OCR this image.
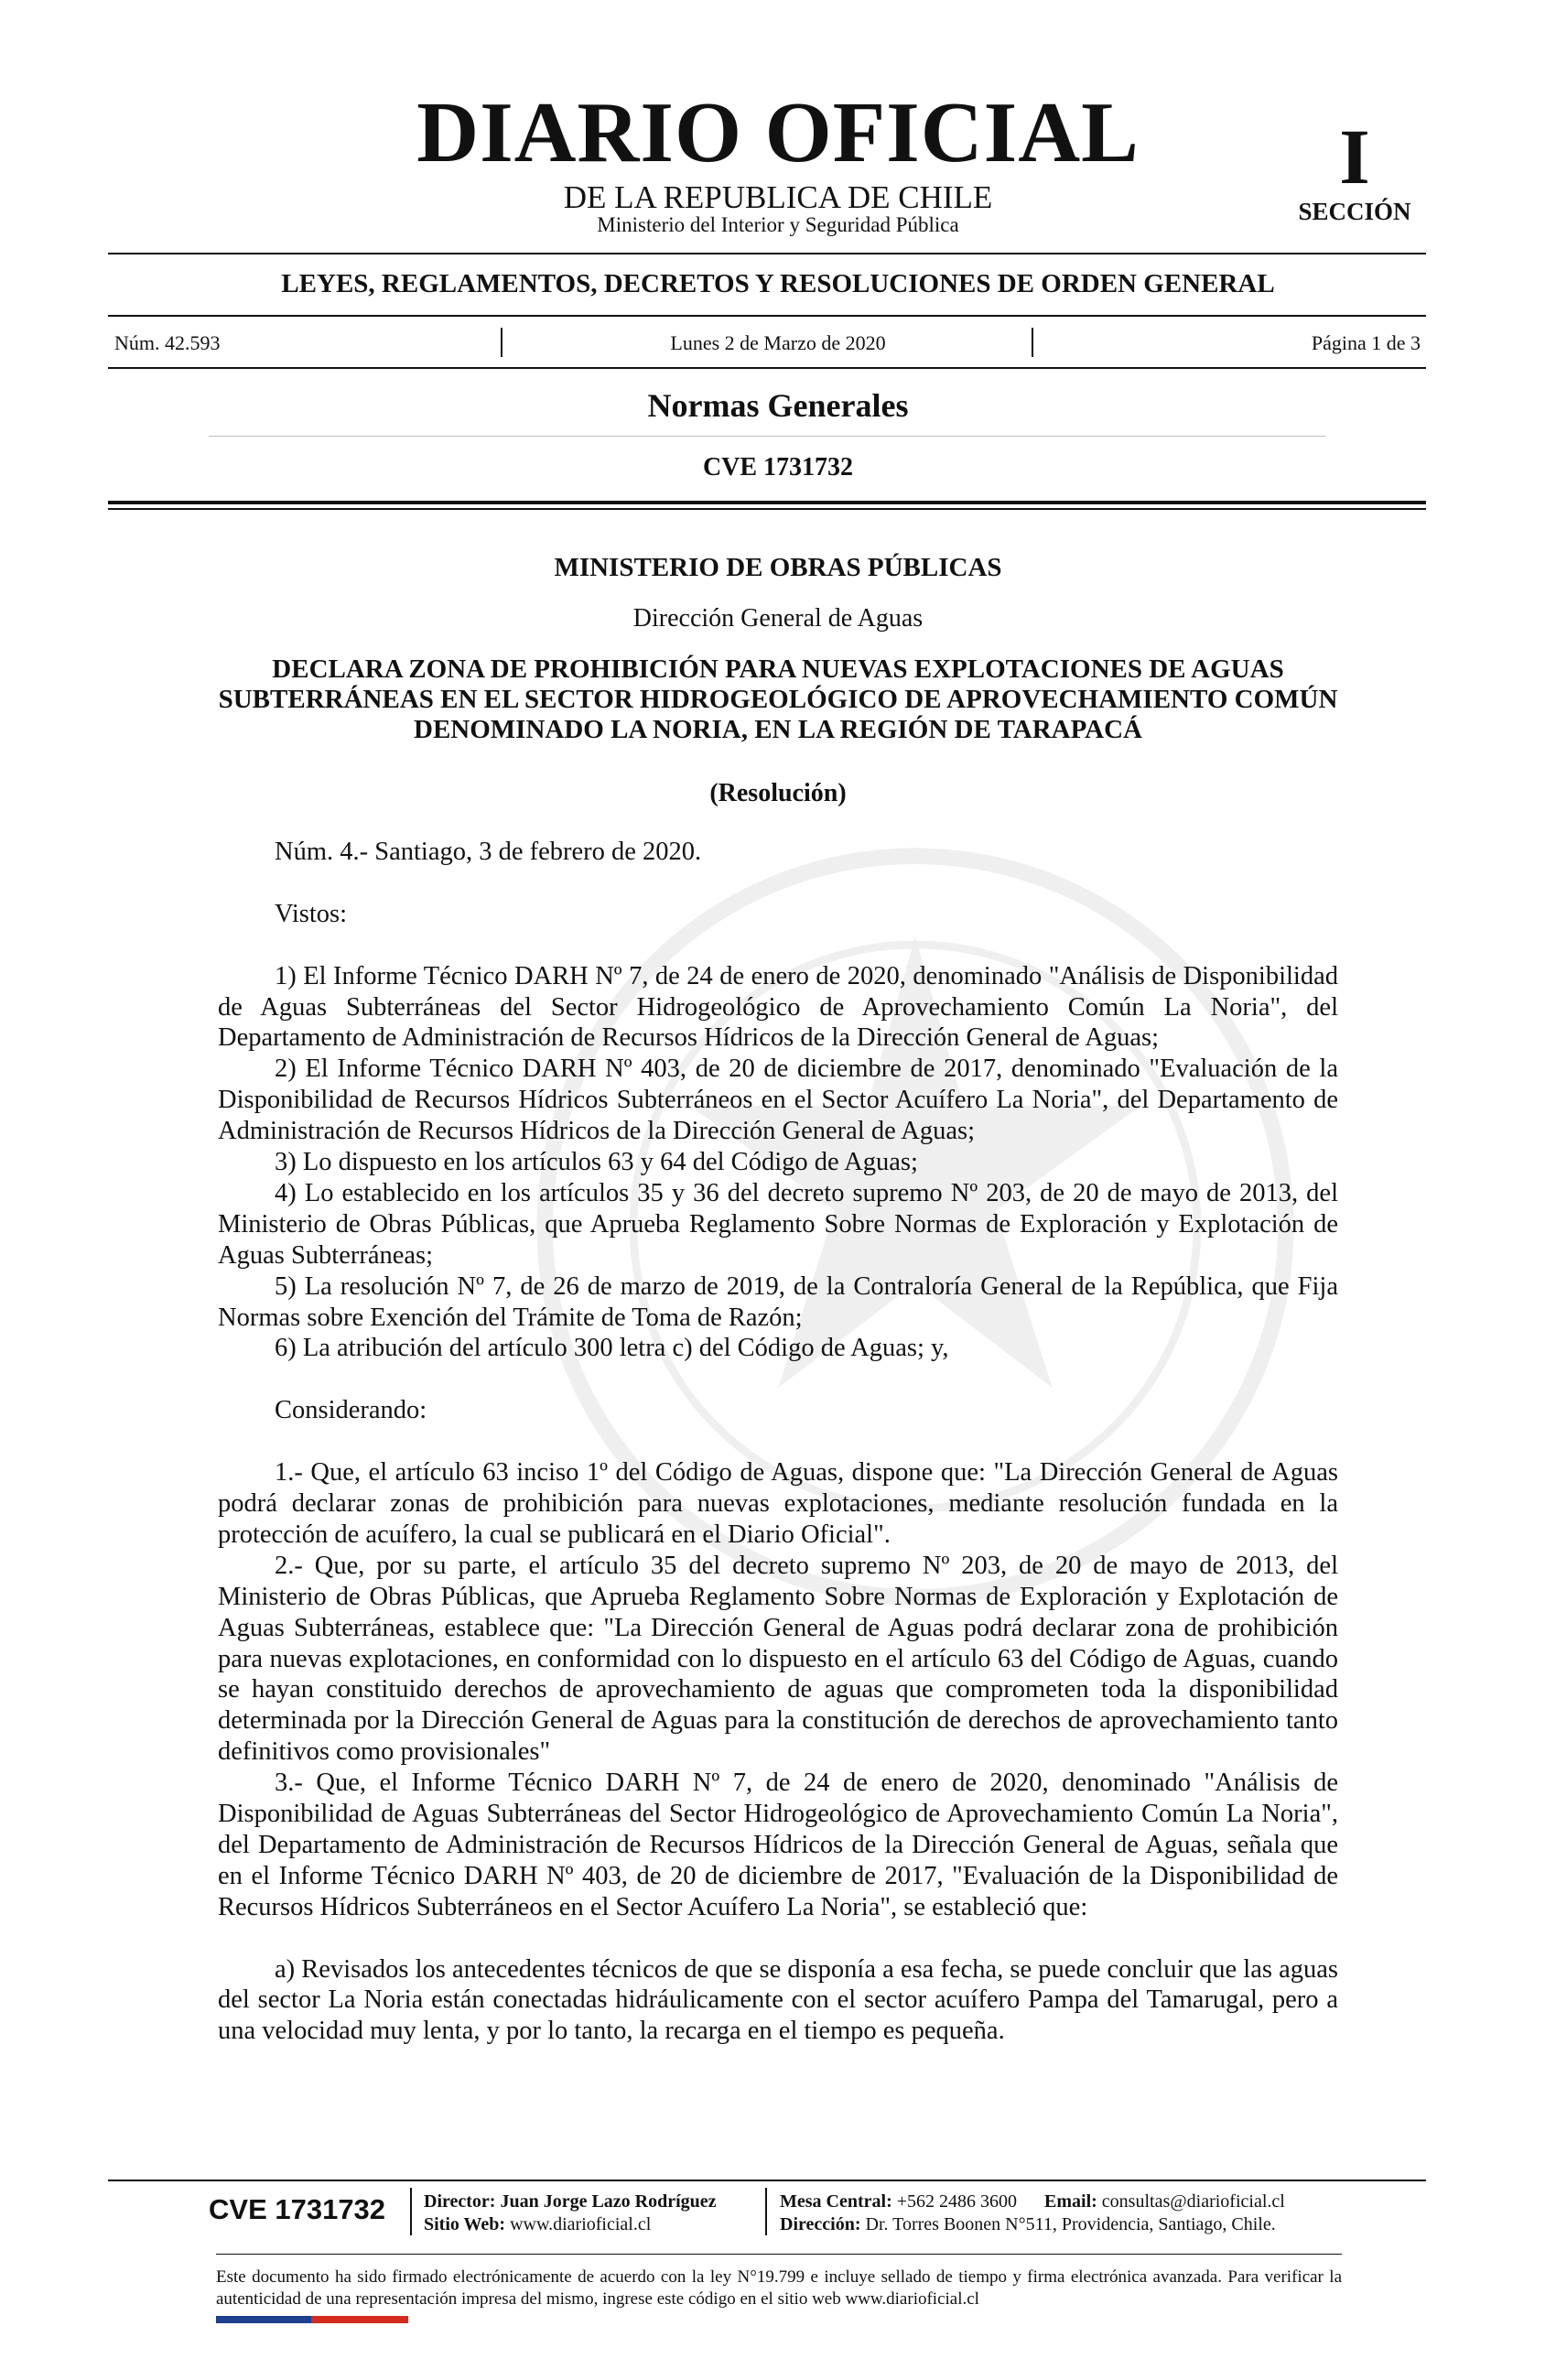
DIARIO OFICIAL
DE LA REPUBLICA DE CHILE
Ministerio del Interior y Seguridad Pública
I
SECCIÓN
LEYES, REGLAMENTOS, DECRETOS Y RESOLUCIONES DE ORDEN GENERAL
Núm. 42.593	Lunes 2 de Marzo de 2020	Página 1 de 3
Normas Generales
CVE 1731732
MINISTERIO DE OBRAS PÚBLICAS
Dirección General de Aguas
DECLARA ZONA DE PROHIBICIÓN PARA NUEVAS EXPLOTACIONES DE AGUAS SUBTERRÁNEAS EN EL SECTOR HIDROGEOLÓGICO DE APROVECHAMIENTO COMÚN DENOMINADO LA NORIA, EN LA REGIÓN DE TARAPACÁ
(Resolución)

Núm. 4.- Santiago, 3 de febrero de 2020.

Vistos:

1) El Informe Técnico DARH Nº 7, de 24 de enero de 2020, denominado "Análisis de Disponibilidad de Aguas Subterráneas del Sector Hidrogeológico de Aprovechamiento Común La Noria", del Departamento de Administración de Recursos Hídricos de la Dirección General de Aguas;

2) El Informe Técnico DARH Nº 403, de 20 de diciembre de 2017, denominado "Evaluación de la Disponibilidad de Recursos Hídricos Subterráneos en el Sector Acuífero La Noria", del Departamento de Administración de Recursos Hídricos de la Dirección General de Aguas;

3) Lo dispuesto en los artículos 63 y 64 del Código de Aguas;

4) Lo establecido en los artículos 35 y 36 del decreto supremo Nº 203, de 20 de mayo de 2013, del Ministerio de Obras Públicas, que Aprueba Reglamento Sobre Normas de Exploración y Explotación de Aguas Subterráneas;

5) La resolución Nº 7, de 26 de marzo de 2019, de la Contraloría General de la República, que Fija Normas sobre Exención del Trámite de Toma de Razón;

6) La atribución del artículo 300 letra c) del Código de Aguas; y,

Considerando:

1.- Que, el artículo 63 inciso 1º del Código de Aguas, dispone que: "La Dirección General de Aguas podrá declarar zonas de prohibición para nuevas explotaciones, mediante resolución fundada en la protección de acuífero, la cual se publicará en el Diario Oficial".

2.- Que, por su parte, el artículo 35 del decreto supremo Nº 203, de 20 de mayo de 2013, del Ministerio de Obras Públicas, que Aprueba Reglamento Sobre Normas de Exploración y Explotación de Aguas Subterráneas, establece que: "La Dirección General de Aguas podrá declarar zona de prohibición para nuevas explotaciones, en conformidad con lo dispuesto en el artículo 63 del Código de Aguas, cuando se hayan constituido derechos de aprovechamiento de aguas que comprometen toda la disponibilidad determinada por la Dirección General de Aguas para la constitución de derechos de aprovechamiento tanto definitivos como provisionales"

3.- Que, el Informe Técnico DARH Nº 7, de 24 de enero de 2020, denominado "Análisis de Disponibilidad de Aguas Subterráneas del Sector Hidrogeológico de Aprovechamiento Común La Noria", del Departamento de Administración de Recursos Hídricos de la Dirección General de Aguas, señala que en el Informe Técnico DARH Nº 403, de 20 de diciembre de 2017, "Evaluación de la Disponibilidad de Recursos Hídricos Subterráneos en el Sector Acuífero La Noria", se estableció que:

a) Revisados los antecedentes técnicos de que se disponía a esa fecha, se puede concluir que las aguas del sector La Noria están conectadas hidráulicamente con el sector acuífero Pampa del Tamarugal, pero a una velocidad muy lenta, y por lo tanto, la recarga en el tiempo es pequeña.

CVE 1731732 Director: Juan Jorge Lazo Rodríguez
Sitio Web: www.diarioficial.cl
Mesa Central: +562 2486 3600 Email: consultas@diarioficial.cl
Dirección: Dr. Torres Boonen N°511, Providencia, Santiago, Chile.
Este documento ha sido firmado electrónicamente de acuerdo con la ley N°19.799 e incluye sellado de tiempo y firma electrónica avanzada. Para verificar la autenticidad de una representación impresa del mismo, ingrese este código en el sitio web www.diarioficial.cl
